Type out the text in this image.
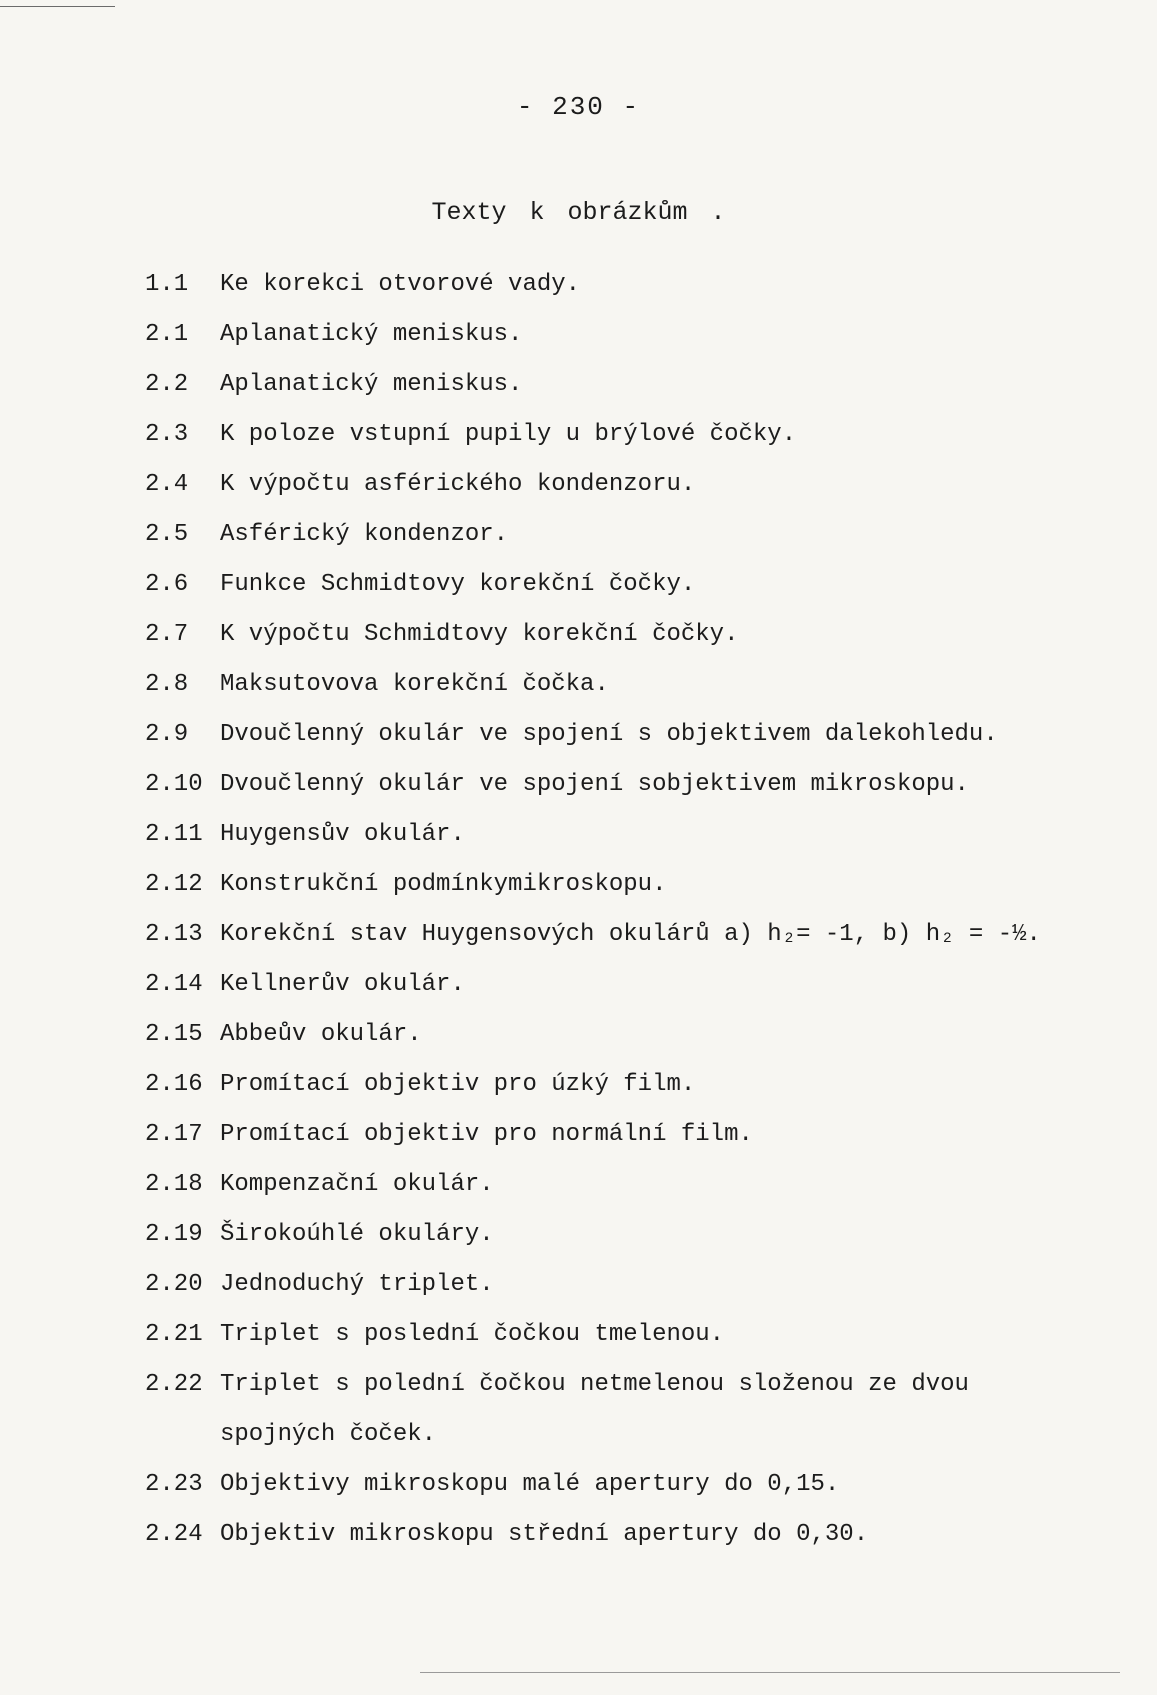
- 230 -
Texty k obrázkům .
1.1	Ke korekci otvorové vady.
2.1	Aplanatický meniskus.
2.2	Aplanatický meniskus.
2.3	K poloze vstupní pupily u brýlové čočky.
2.4	K výpočtu asférického kondenzoru.
2.5	Asférický kondenzor.
2.6	Funkce Schmidtovy korekční čočky.
2.7	K výpočtu Schmidtovy korekční čočky.
2.8	Maksutovova korekční čočka.
2.9	Dvoučlenný okulár ve spojení s objektivem dalekohledu.
2.10 Dvoučlenný okulár ve spojení sobjektivem mikroskopu.
2.11 Huygensův okulár.
2.12 Konstrukční podmínkymikroskopu.
2.13 Korekční stav Huygensových okulárů a) h₂= -1, b) h₂ = -½.
2.14 Kellnerův okulár.
2.15 Abbeův okulár.
2.16 Promítací objektiv pro úzký film.
2.17 Promítací objektiv pro normální film.
2.18 Kompenzační okulár.
2.19 Širokoúhlé okuláry.
2.20 Jednoduchý triplet.
2.21 Triplet s poslední čočkou tmelenou.
2.22 Triplet s polední čočkou netmelenou složenou ze dvou spojných čoček.
2.23 Objektivy mikroskopu malé apertury do 0,15.
2.24 Objektiv mikroskopu střední apertury do 0,30.
